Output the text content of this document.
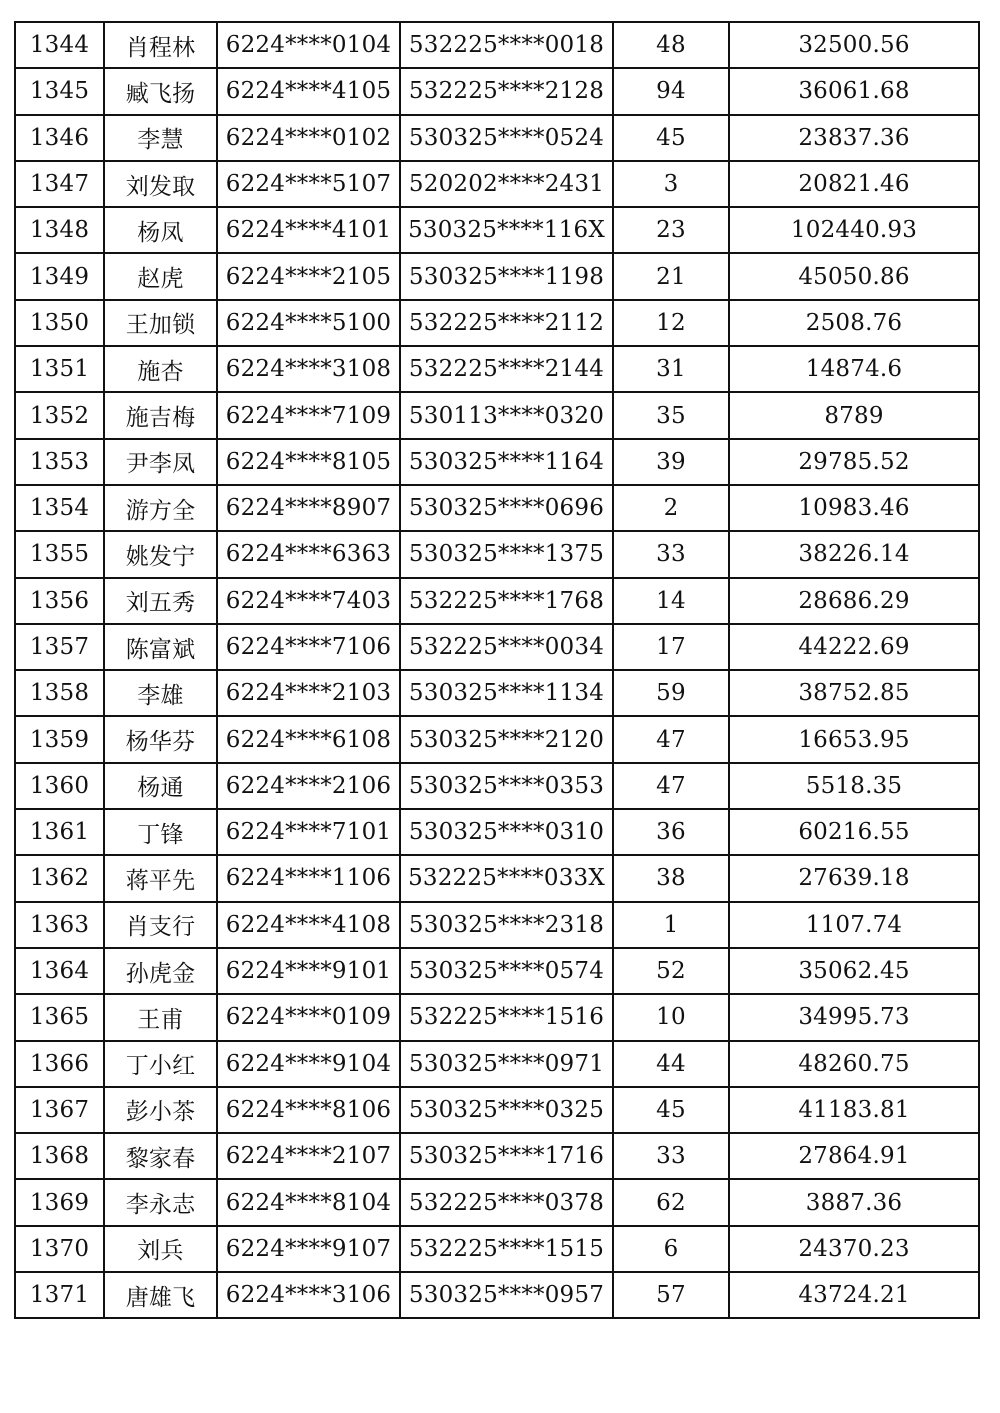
1344	肖程林	6224****0104	532225****0018	48	32500.56
1345	臧飞扬	6224****4105	532225****2128	94	36061.68
1346	李慧	6224****0102	530325****0524	45	23837.36
1347	刘发取	6224****5107	520202****2431	3	20821.46
1348	杨凤	6224****4101	530325****116X	23	102440.93
1349	赵虎	6224****2105	530325****1198	21	45050.86
1350	王加锁	6224****5100	532225****2112	12	2508.76
1351	施杏	6224****3108	532225****2144	31	14874.6
1352	施吉梅	6224****7109	530113****0320	35	8789
1353	尹李凤	6224****8105	530325****1164	39	29785.52
1354	游方全	6224****8907	530325****0696	2	10983.46
1355	姚发宁	6224****6363	530325****1375	33	38226.14
1356	刘五秀	6224****7403	532225****1768	14	28686.29
1357	陈富斌	6224****7106	532225****0034	17	44222.69
1358	李雄	6224****2103	530325****1134	59	38752.85
1359	杨华芬	6224****6108	530325****2120	47	16653.95
1360	杨通	6224****2106	530325****0353	47	5518.35
1361	丁锋	6224****7101	530325****0310	36	60216.55
1362	蒋平先	6224****1106	532225****033X	38	27639.18
1363	肖支行	6224****4108	530325****2318	1	1107.74
1364	孙虎金	6224****9101	530325****0574	52	35062.45
1365	王甫	6224****0109	532225****1516	10	34995.73
1366	丁小红	6224****9104	530325****0971	44	48260.75
1367	彭小茶	6224****8106	530325****0325	45	41183.81
1368	黎家春	6224****2107	530325****1716	33	27864.91
1369	李永志	6224****8104	532225****0378	62	3887.36
1370	刘兵	6224****9107	532225****1515	6	24370.23
1371	唐雄飞	6224****3106	530325****0957	57	43724.21
